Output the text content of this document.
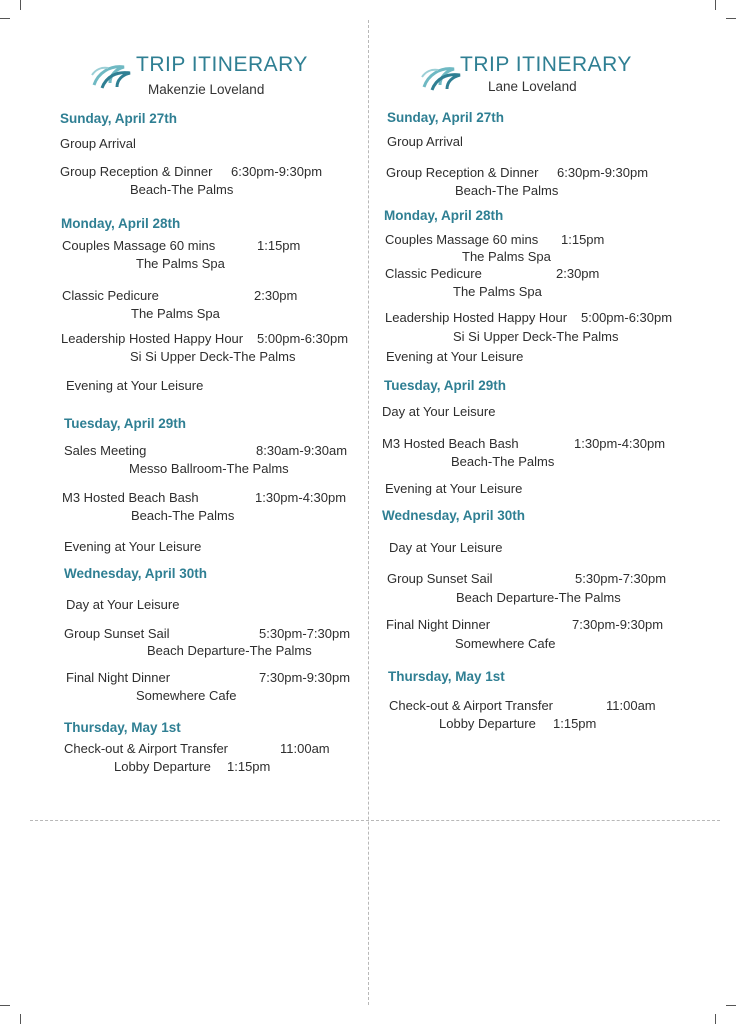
TRIP ITINERARY
Makenzie Loveland
Sunday, April 27th
Group Arrival
Group Reception & Dinner 6:30pm-9:30pm
Beach-The Palms
Monday, April 28th
Couples Massage 60 mins	1:15pm
The Palms Spa
Classic Pedicure	2:30pm
The Palms Spa
Leadership Hosted Happy Hour 5:00pm-6:30pm
Si Si Upper Deck-The Palms
Evening at Your Leisure
Tuesday, April 29th
Sales Meeting	8:30am-9:30am
Messo Ballroom-The Palms
M3 Hosted Beach Bash	1:30pm-4:30pm
Beach-The Palms
Evening at Your Leisure
Wednesday, April 30th
Day at Your Leisure
Group Sunset Sail	5:30pm-7:30pm
Beach Departure-The Palms
Final Night Dinner	7:30pm-9:30pm
Somewhere Cafe
Thursday, May 1st
Check-out & Airport Transfer	11:00am
Lobby Departure 1:15pm
TRIP ITINERARY
Lane Loveland
Sunday, April 27th
Group Arrival
Group Reception & Dinner 6:30pm-9:30pm
Beach-The Palms
Monday, April 28th
Couples Massage 60 mins 1:15pm
The Palms Spa
Classic Pedicure	2:30pm
The Palms Spa
Leadership Hosted Happy Hour 5:00pm-6:30pm
Si Si Upper Deck-The Palms
Evening at Your Leisure
Tuesday, April 29th
Day at Your Leisure
M3 Hosted Beach Bash	1:30pm-4:30pm
Beach-The Palms
Evening at Your Leisure
Wednesday, April 30th
Day at Your Leisure
Group Sunset Sail	5:30pm-7:30pm
Beach Departure-The Palms
Final Night Dinner	7:30pm-9:30pm
Somewhere Cafe
Thursday, May 1st
Check-out & Airport Transfer	11:00am
Lobby Departure 1:15pm
